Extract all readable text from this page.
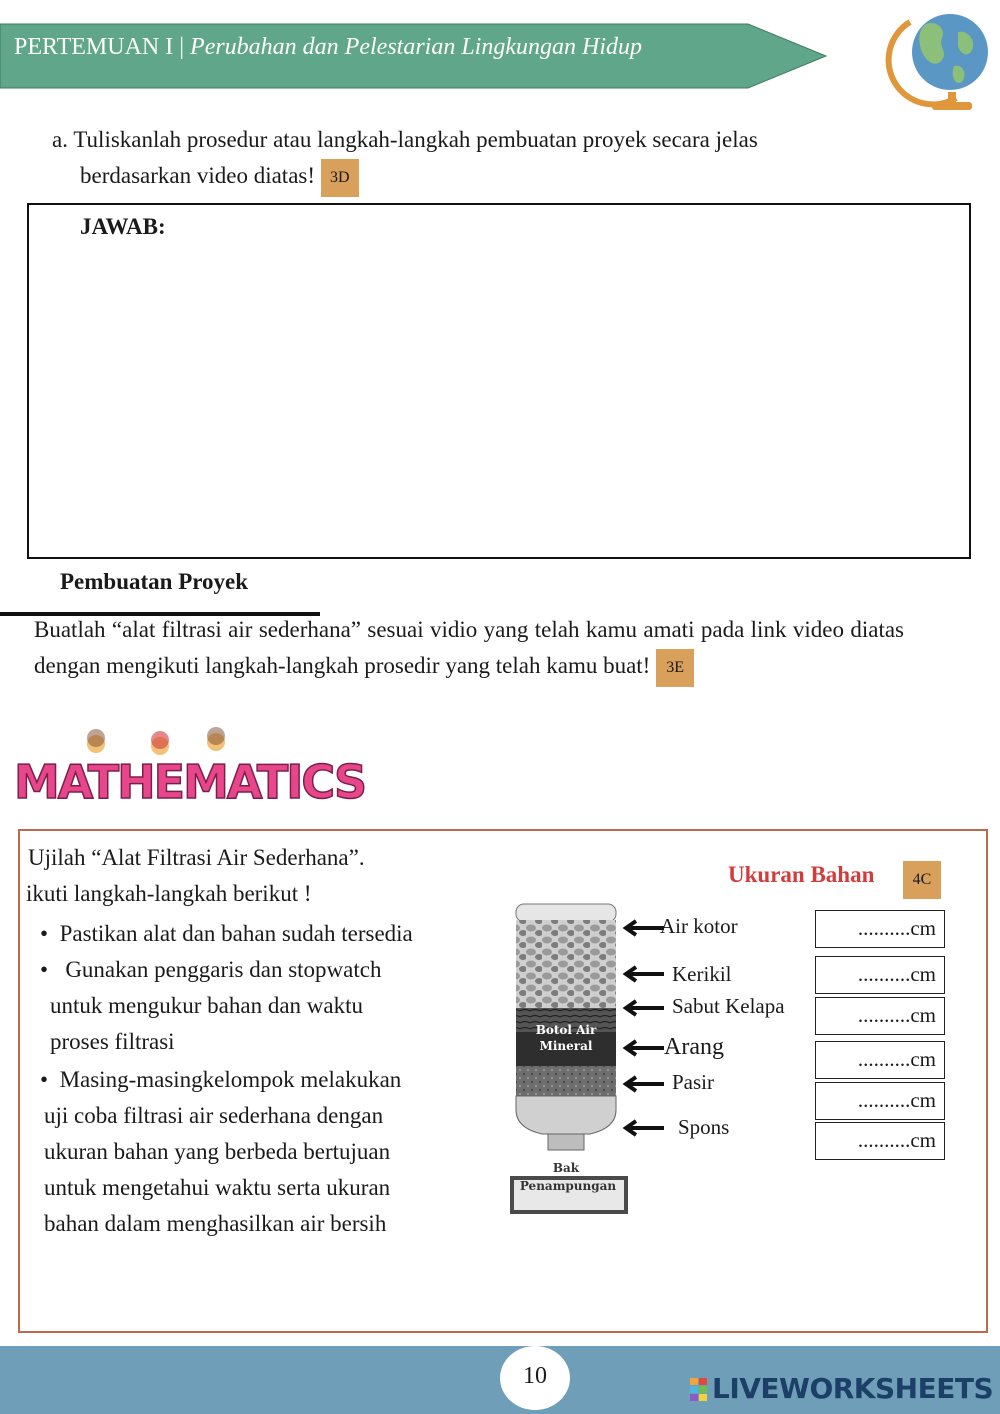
PERTEMUAN I | Perubahan dan Pelestarian Lingkungan Hidup
a. Tuliskanlah prosedur atau langkah-langkah pembuatan proyek secara jelas
berdasarkan video diatas! 3D
JAWAB:
Pembuatan Proyek
Buatlah “alat filtrasi air sederhana” sesuai vidio yang telah kamu amati pada link video diatas dengan mengikuti langkah-langkah prosedir yang telah kamu buat! 3E
MATHEMATICS
Ujilah “Alat Filtrasi Air Sederhana”.
ikuti langkah-langkah berikut !
•  Pastikan alat dan bahan sudah tersedia
•   Gunakan penggaris dan stopwatch
untuk mengukur bahan dan waktu
proses filtrasi
•  Masing-masingkelompok melakukan
uji coba filtrasi air sederhana dengan
ukuran bahan yang berbeda bertujuan
untuk mengetahui waktu serta ukuran
bahan dalam menghasilkan air bersih
Botol Air
Mineral
Bak
Penampungan
Air kotor
Kerikil
Sabut Kelapa
Arang
Pasir
Spons
Ukuran Bahan	4C
..........cm
..........cm
..........cm
..........cm
..........cm
..........cm
10	LIVEWORKSHEETS
